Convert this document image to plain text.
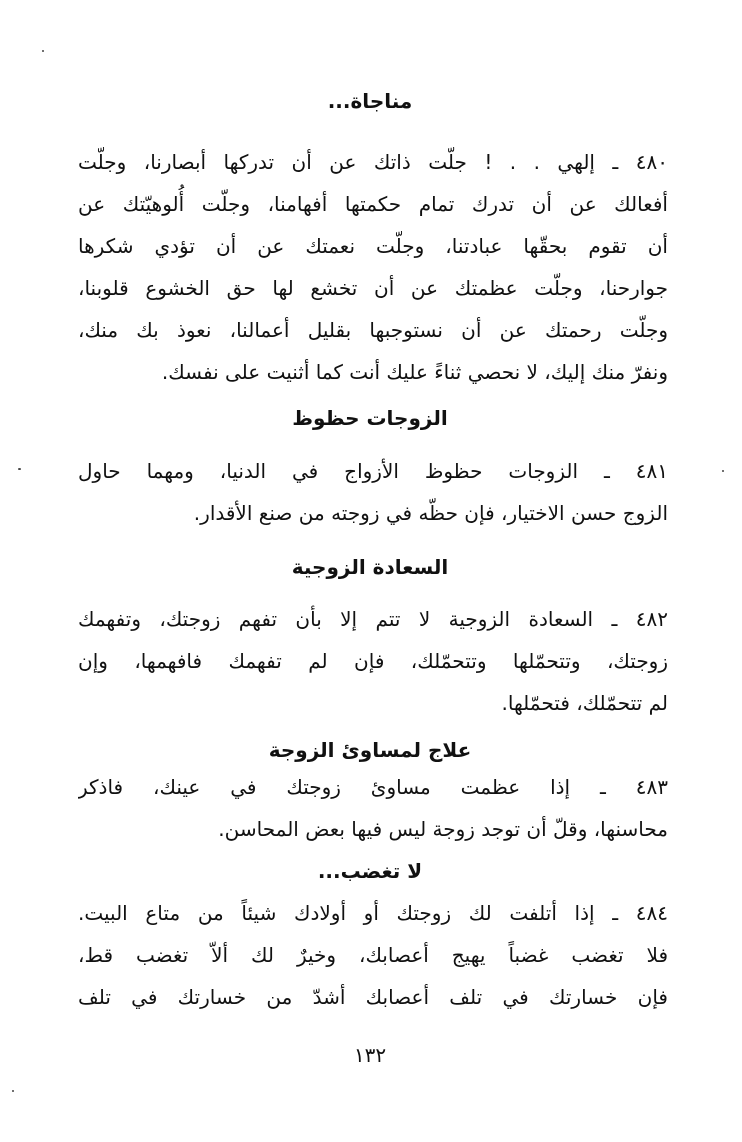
مناجاة...
٤٨٠ ـ إلهي . . ! جلّت ذاتك عن أن تدركها أبصارنا، وجلّت
أفعالك عن أن تدرك تمام حكمتها أفهامنا، وجلّت أُلوهيّتك عن
أن تقوم بحقّها عبادتنا، وجلّت نعمتك عن أن تؤدي شكرها
جوارحنا، وجلّت عظمتك عن أن تخشع لها حق الخشوع قلوبنا،
وجلّت رحمتك عن أن نستوجبها بقليل أعمالنا، نعوذ بك منك،
ونفرّ منك إليك، لا نحصي ثناءً عليك أنت كما أثنيت على نفسك.
الزوجات حظوظ
٤٨١ ـ الزوجات حظوظ الأزواج في الدنيا، ومهما حاول
الزوج حسن الاختيار، فإن حظّه في زوجته من صنع الأقدار.
السعادة الزوجية
٤٨٢ ـ السعادة الزوجية لا تتم إلا بأن تفهم زوجتك، وتفهمك
زوجتك، وتتحمّلها وتتحمّلك، فإن لم تفهمك فافهمها، وإن
لم تتحمّلك، فتحمّلها.
علاج لمساوئ الزوجة
٤٨٣ ـ إذا عظمت مساوئ زوجتك في عينك، فاذكر
محاسنها، وقلّ أن توجد زوجة ليس فيها بعض المحاسن.
لا تغضب...
٤٨٤ ـ إذا أتلفت لك زوجتك أو أولادك شيئاً من متاع البيت.
فلا تغضب غضباً يهيج أعصابك، وخيرٌ لك ألاّ تغضب قط،
فإن خسارتك في تلف أعصابك أشدّ من خسارتك في تلف
١٣٢
